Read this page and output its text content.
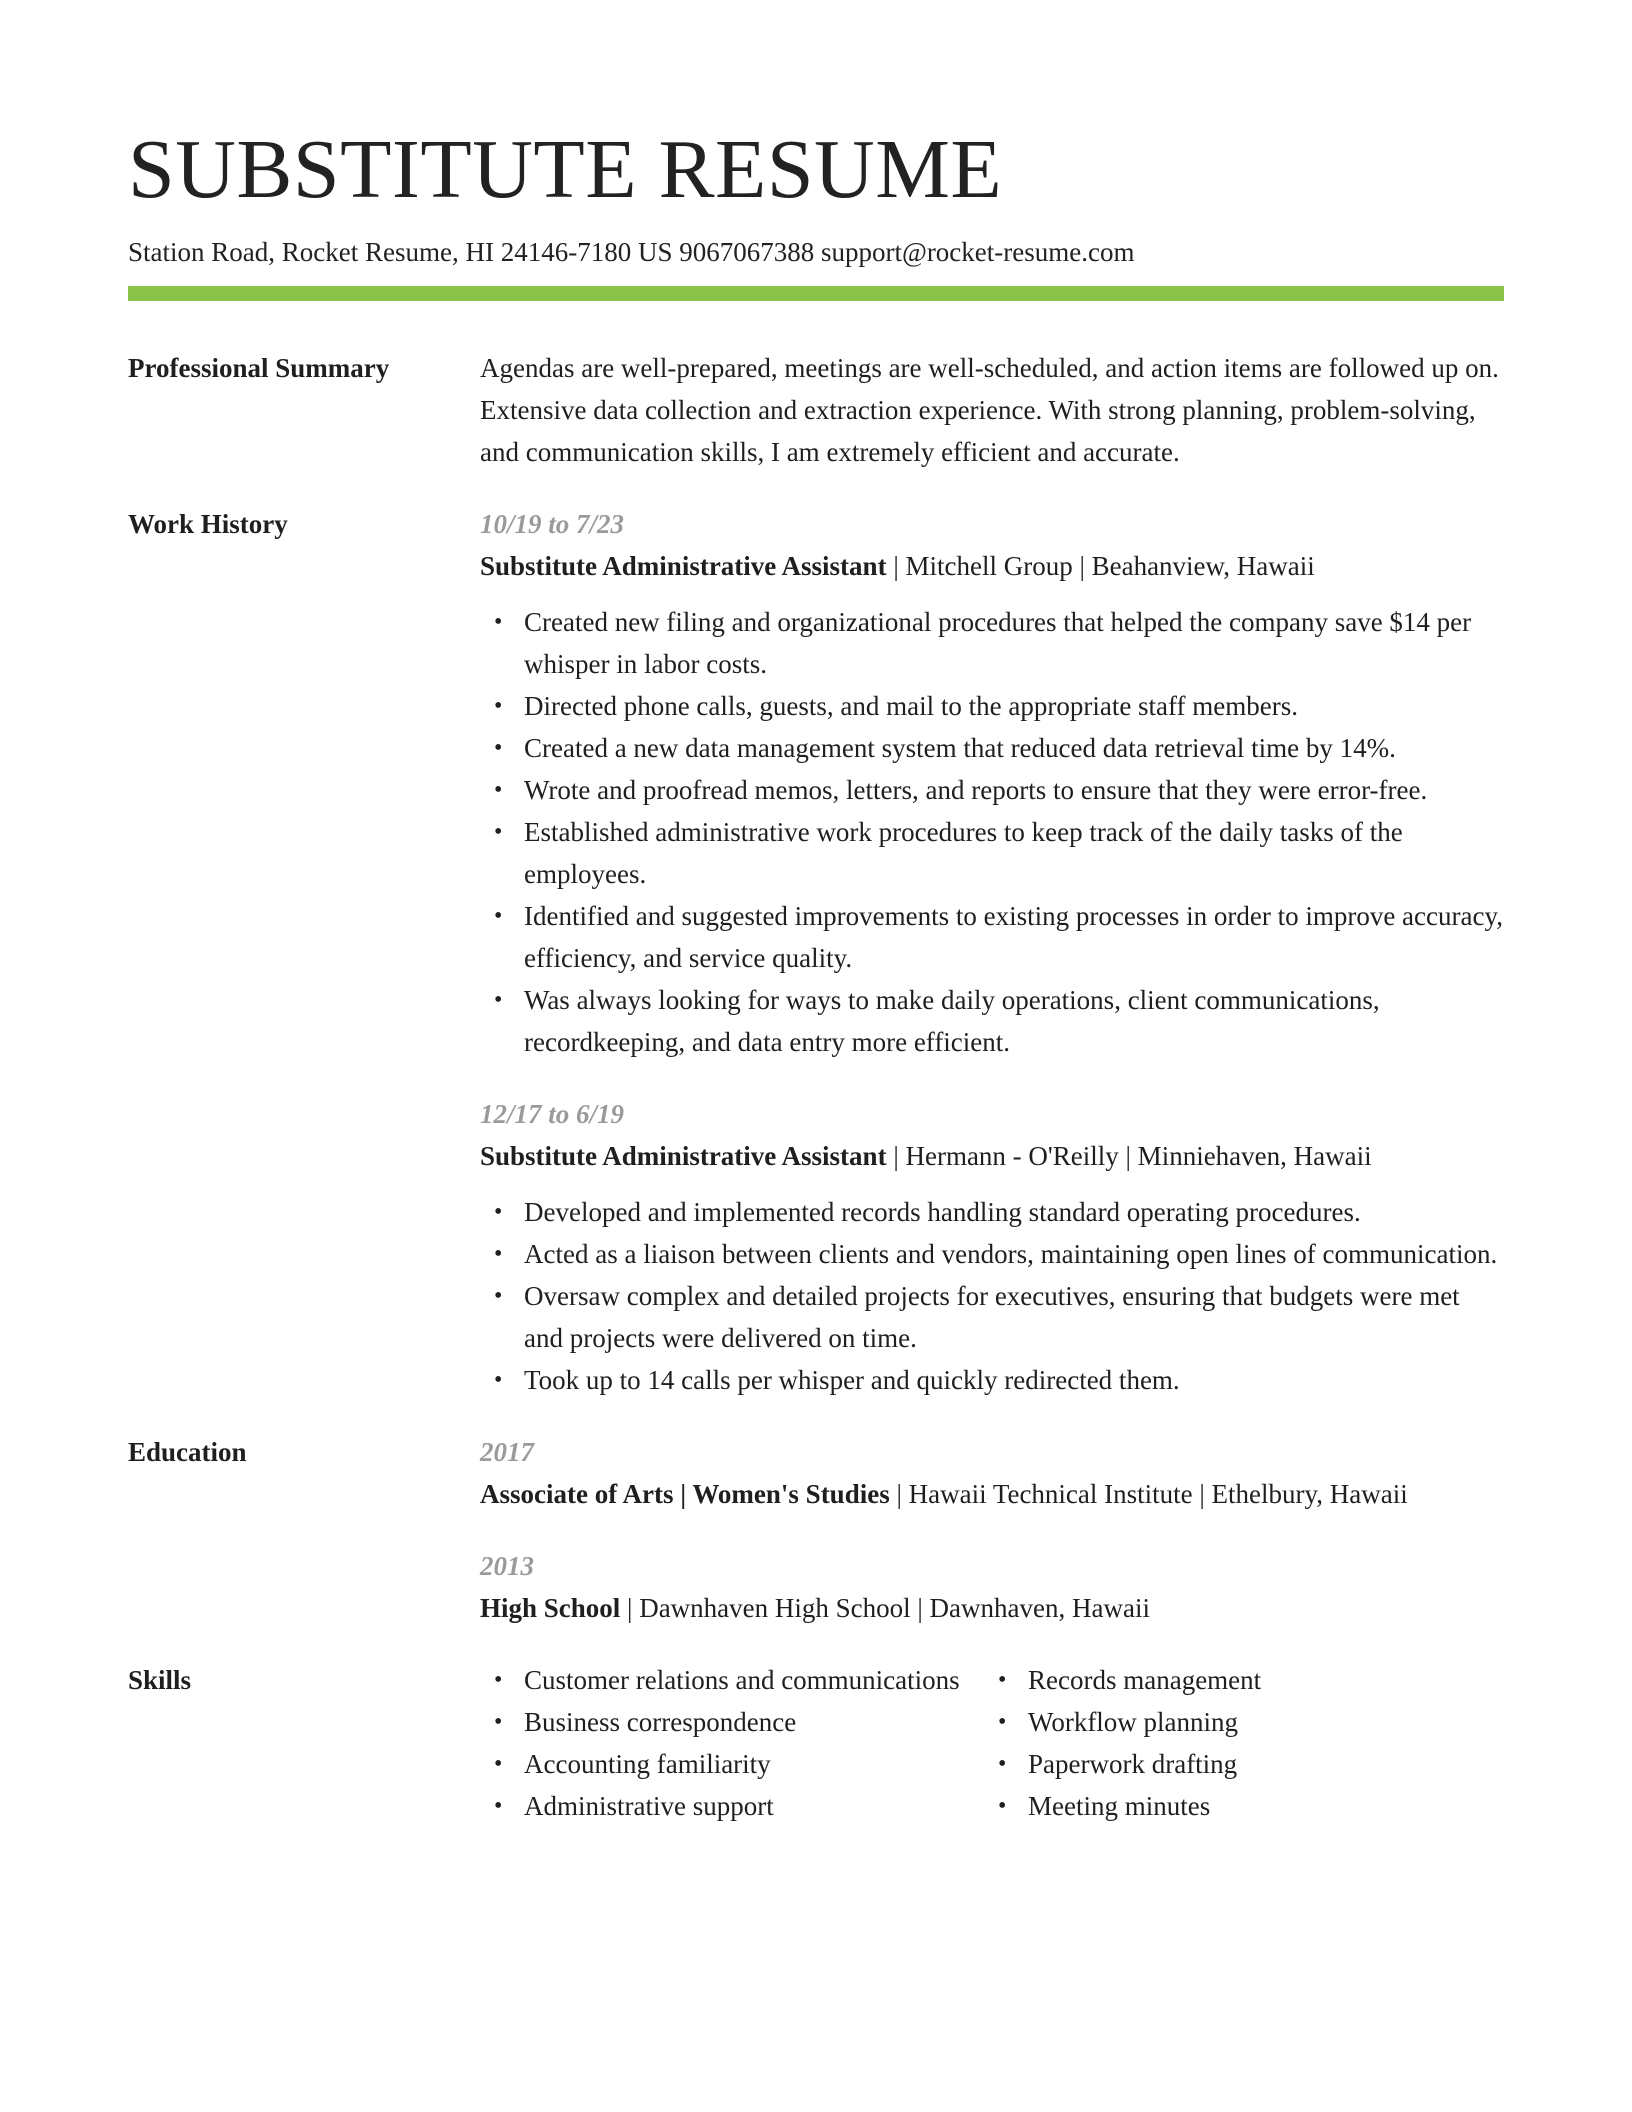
SUBSTITUTE RESUME
Station Road, Rocket Resume, HI 24146-7180 US 9067067388 support@rocket-resume.com
Professional Summary	Agendas are well-prepared, meetings are well-scheduled, and action items are followed up on. Extensive data collection and extraction experience. With strong planning, problem-solving, and communication skills, I am extremely efficient and accurate.
Work History	10/19 to 7/23
Substitute Administrative Assistant | Mitchell Group | Beahanview, Hawaii
• Created new filing and organizational procedures that helped the company save $14 per whisper in labor costs.
• Directed phone calls, guests, and mail to the appropriate staff members.
• Created a new data management system that reduced data retrieval time by 14%.
• Wrote and proofread memos, letters, and reports to ensure that they were error-free.
• Established administrative work procedures to keep track of the daily tasks of the employees.
• Identified and suggested improvements to existing processes in order to improve accuracy, efficiency, and service quality.
• Was always looking for ways to make daily operations, client communications, recordkeeping, and data entry more efficient.
12/17 to 6/19
Substitute Administrative Assistant | Hermann - O'Reilly | Minniehaven, Hawaii
• Developed and implemented records handling standard operating procedures.
• Acted as a liaison between clients and vendors, maintaining open lines of communication.
• Oversaw complex and detailed projects for executives, ensuring that budgets were met and projects were delivered on time.
• Took up to 14 calls per whisper and quickly redirected them.
Education	2017
Associate of Arts | Women's Studies | Hawaii Technical Institute | Ethelbury, Hawaii
2013
High School | Dawnhaven High School | Dawnhaven, Hawaii
Skills
•	Customer relations and communications
• Business correspondence
• Accounting familiarity
• Administrative support
• Records management
• Workflow planning
• Paperwork drafting
• Meeting minutes
